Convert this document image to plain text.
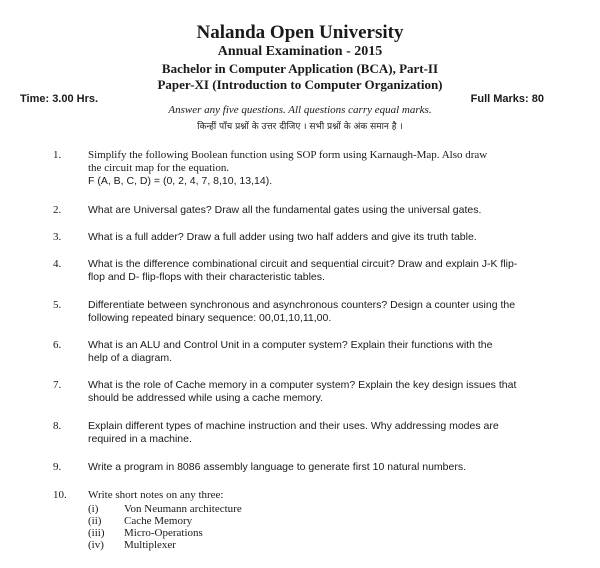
Nalanda Open University
Annual Examination - 2015
Bachelor in Computer Application (BCA), Part-II
Paper-XI (Introduction to Computer Organization)
Time: 3.00 Hrs.	Full Marks: 80
Answer any five questions. All questions carry equal marks.
किन्हीं पाँच प्रश्नों के उत्तर दीजिए । सभी प्रश्नों के अंक समान है ।
1. Simplify the following Boolean function using SOP form using Karnaugh-Map. Also draw

the circuit map for the equation.

F (A, B, C, D) = (0, 2, 4, 7, 8,10, 13,14).

2.	What are Universal gates? Draw all the fundamental gates using the universal gates.

3.	What is a full adder? Draw a full adder using two half adders and give its truth table.

4.	What is the difference combinational circuit and sequential circuit? Draw and explain J-K flip-

flop and D- flip-flops with their characteristic tables.

5.	Differentiate between synchronous and asynchronous counters? Design a counter using the

following repeated binary sequence: 00,01,10,11,00.

6.	What is an ALU and Control Unit in a computer system? Explain their functions with the

help of a diagram.

7.	What is the role of Cache memory in a computer system? Explain the key design issues that

should be addressed while using a cache memory.

8.	Explain different types of machine instruction and their uses. Why addressing modes are

required in a machine.

9.	Write a program in 8086 assembly language to generate first 10 natural numbers.

10. Write short notes on any three:

(i) Von Neumann architecture
(ii) Cache Memory
(iii) Micro-Operations
(iv) Multiplexer
